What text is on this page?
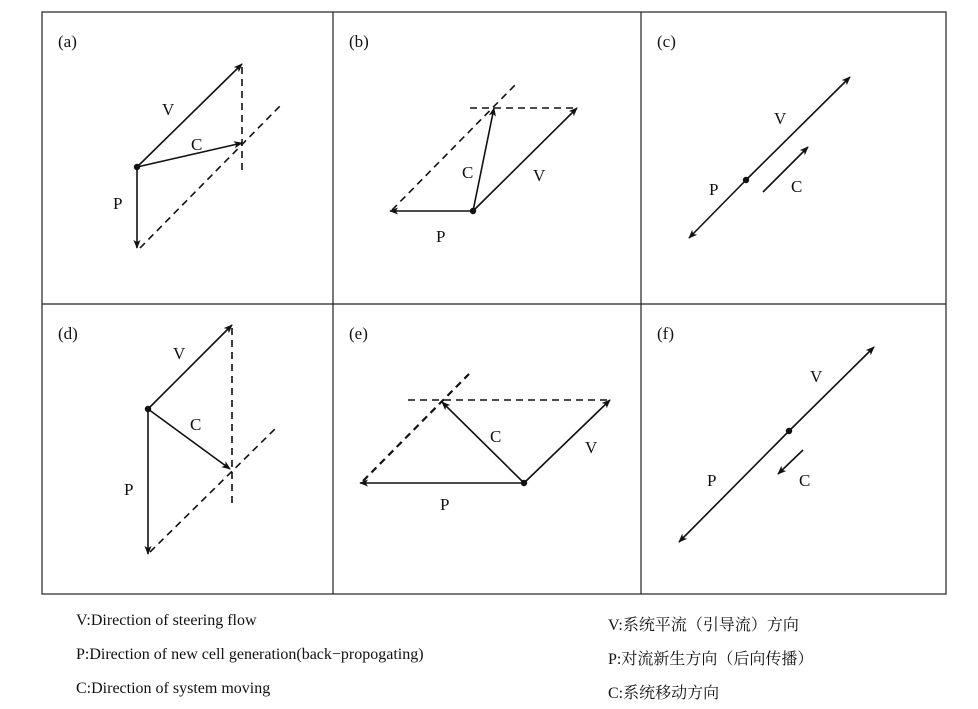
(a)	(b)	(c)
(d)	(e)	(f)
V
C
P
V
C
P
V
C
P
V
C
P
V
C
P
V
C
P
V:Direction of steering flow
P:Direction of new cell generation(back−propogating)
C:Direction of system moving
V:系统平流（引导流）方向
P:对流新生方向（后向传播）
C:系统移动方向
